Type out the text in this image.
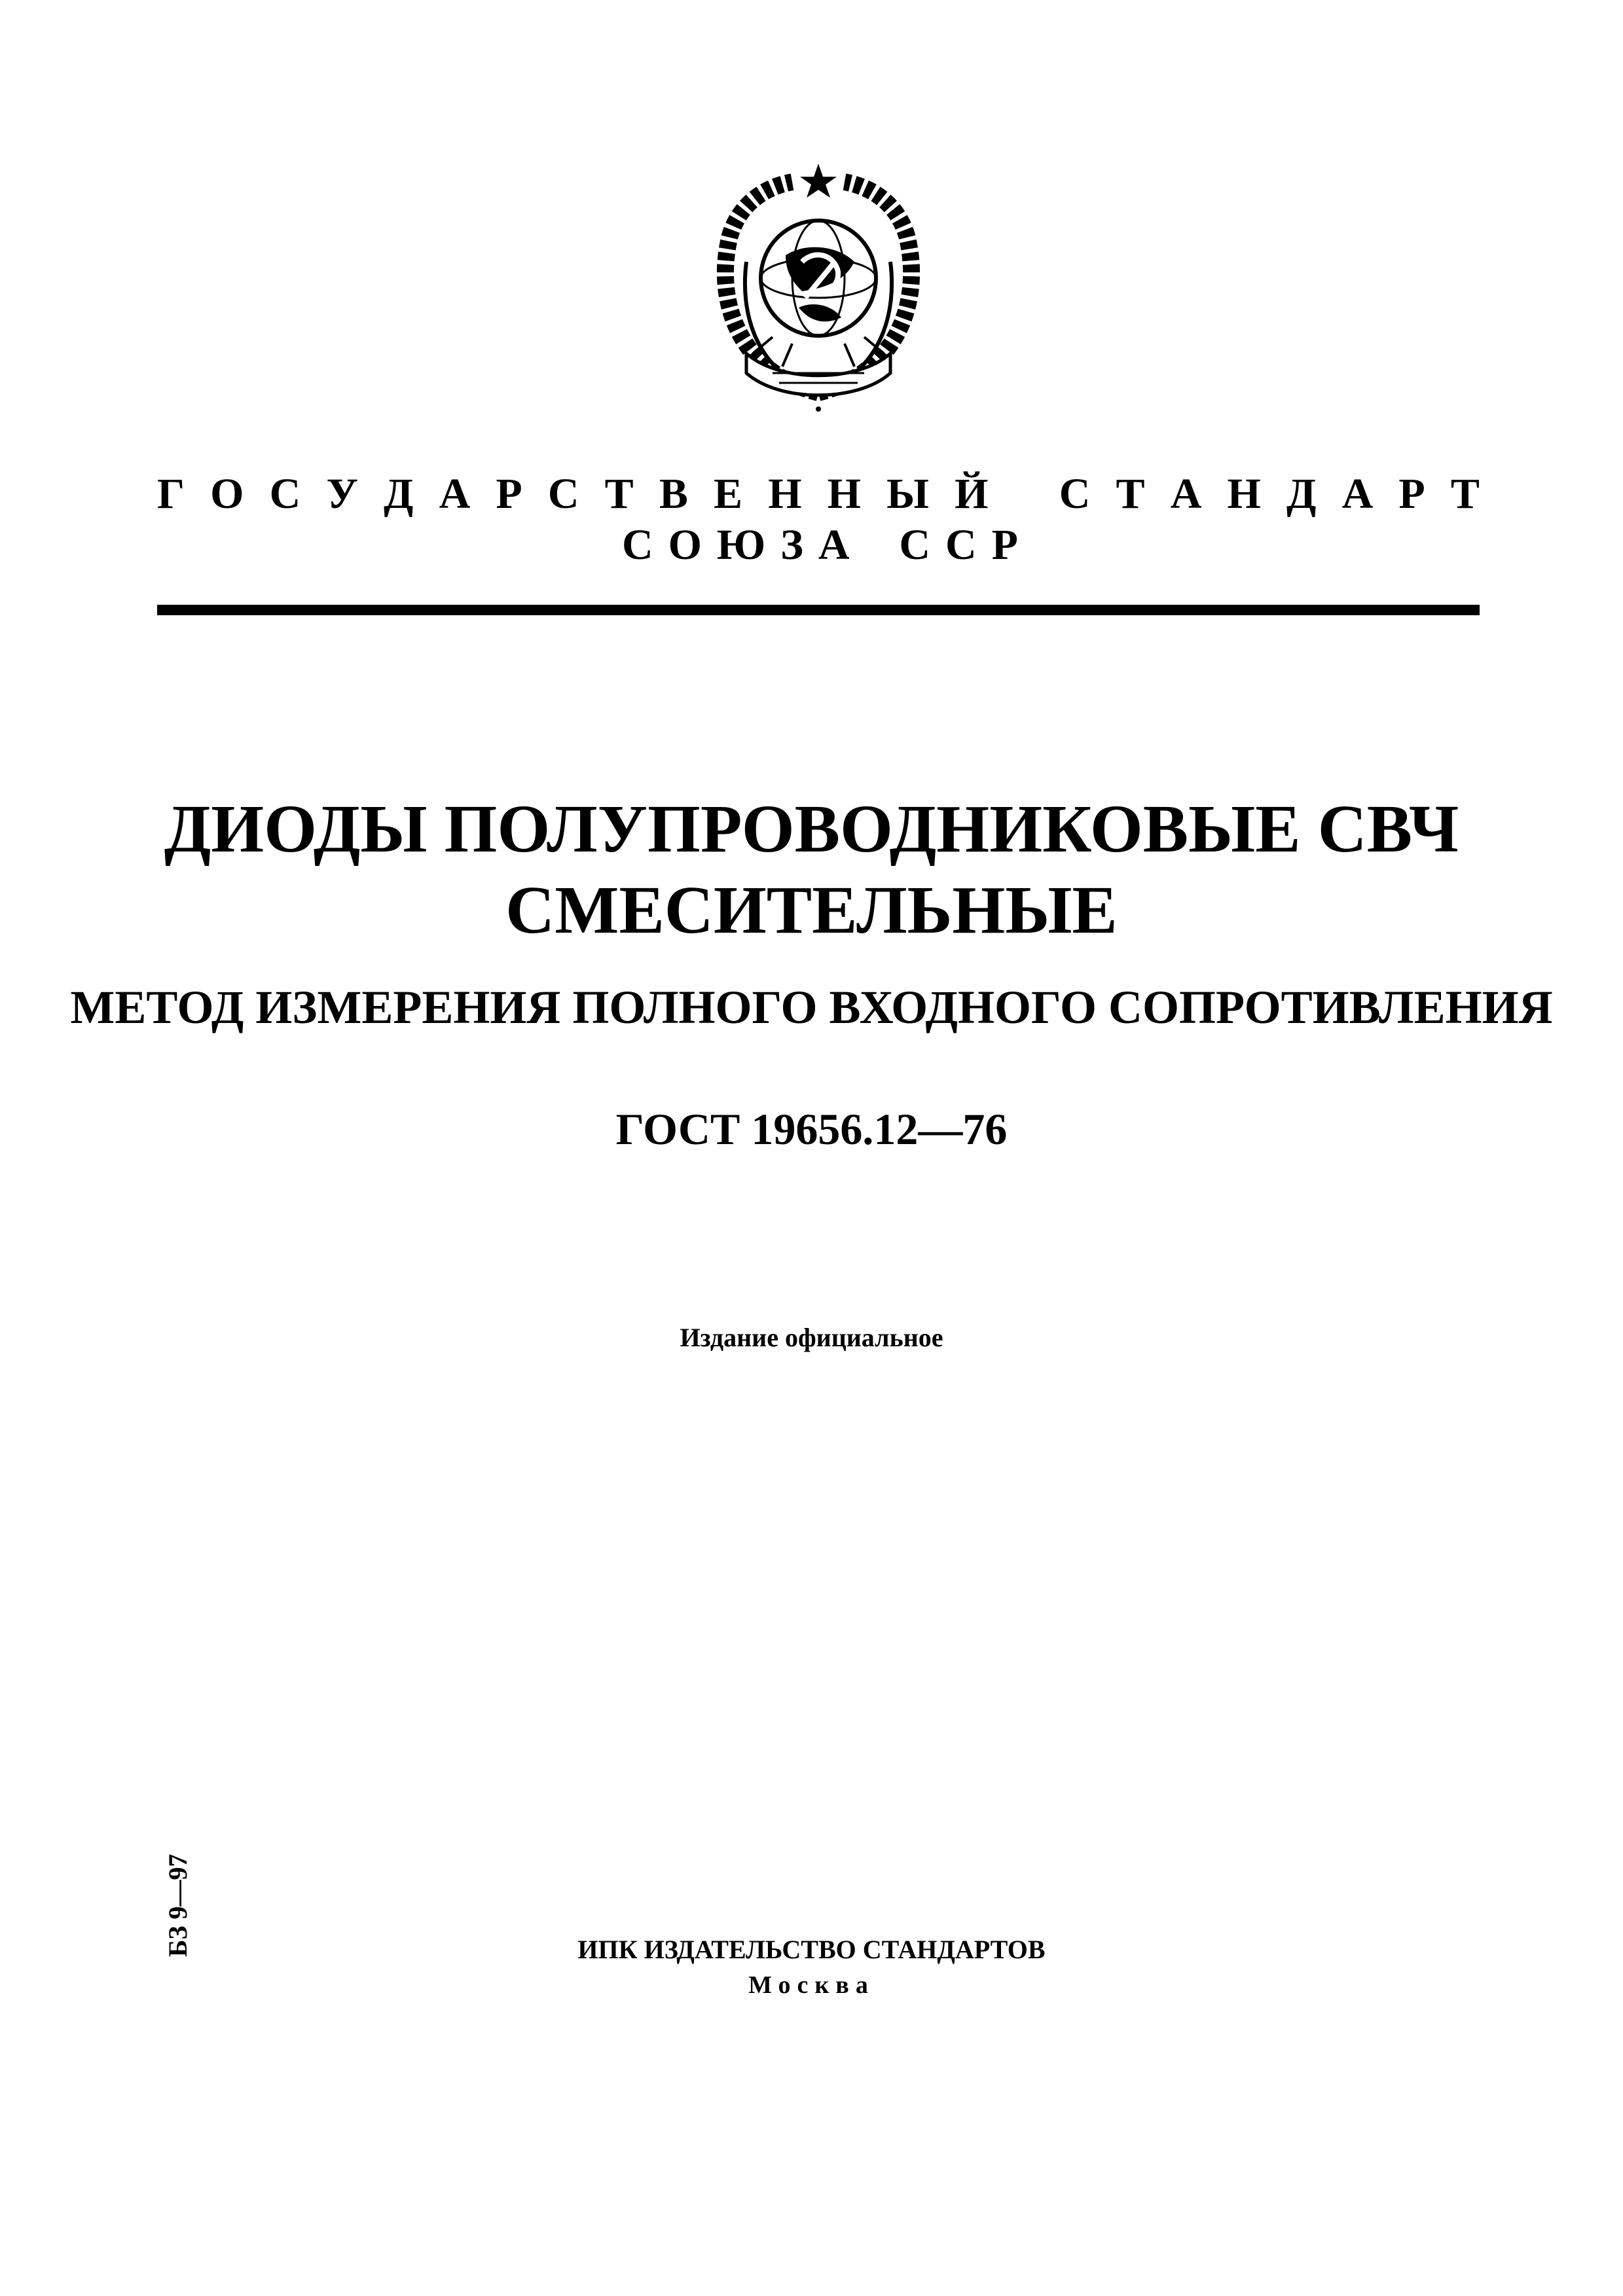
Г О С У Д А Р С Т В Е Н Н Ы Й С Т А Н Д А Р Т
С О Ю З А С С Р
ДИОДЫ ПОЛУПРОВОДНИКОВЫЕ СВЧ
СМЕСИТЕЛЬНЫЕ
МЕТОД ИЗМЕРЕНИЯ ПОЛНОГО ВХОДНОГО СОПРОТИВЛЕНИЯ
ГОСТ 19656.12—76
Издание официальное
БЗ 9—97	ИПК ИЗДАТЕЛЬСТВО СТАНДАРТОВ
Москва
